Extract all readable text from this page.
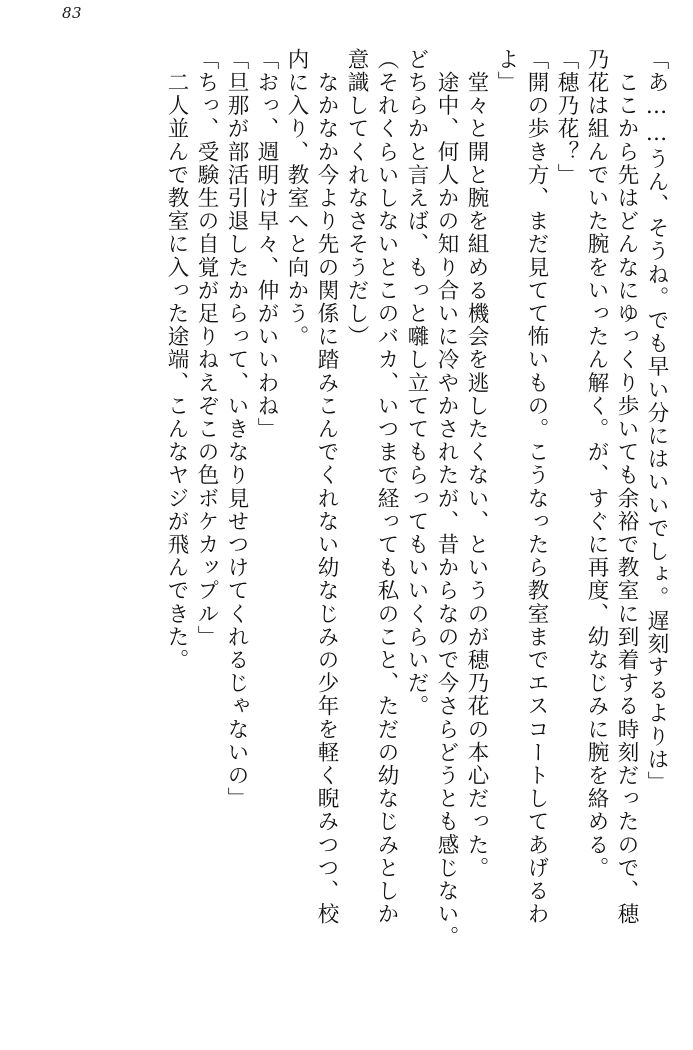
83
「あ……うん、そうね。でも早い分にはいいでしょ。遅刻するよりは」
　ここから先はどんなにゆっくり歩いても余裕で教室に到着する時刻だったので、穂
乃花は組んでいた腕をいったん解く。が、すぐに再度、幼なじみに腕を絡める。
「穂乃花？」
「開の歩き方、まだ見てて怖いもの。こうなったら教室までエスコートしてあげるわ
よ」
　堂々と開と腕を組める機会を逃したくない、というのが穂乃花の本心だった。
　途中、何人かの知り合いに冷やかされたが、昔からなので今さらどうとも感じない。
どちらかと言えば、もっと囃し立ててもらってもいいくらいだ。
（それくらいしないとこのバカ、いつまで経っても私のこと、ただの幼なじみとしか
意識してくれなさそうだし）
　なかなか今より先の関係に踏みこんでくれない幼なじみの少年を軽く睨みつつ、校
内に入り、教室へと向かう。
「おっ、週明け早々、仲がいいわね」
「旦那が部活引退したからって、いきなり見せつけてくれるじゃないの」
「ちっ、受験生の自覚が足りねえぞこの色ボケカップル」
　二人並んで教室に入った途端、こんなヤジが飛んできた。
